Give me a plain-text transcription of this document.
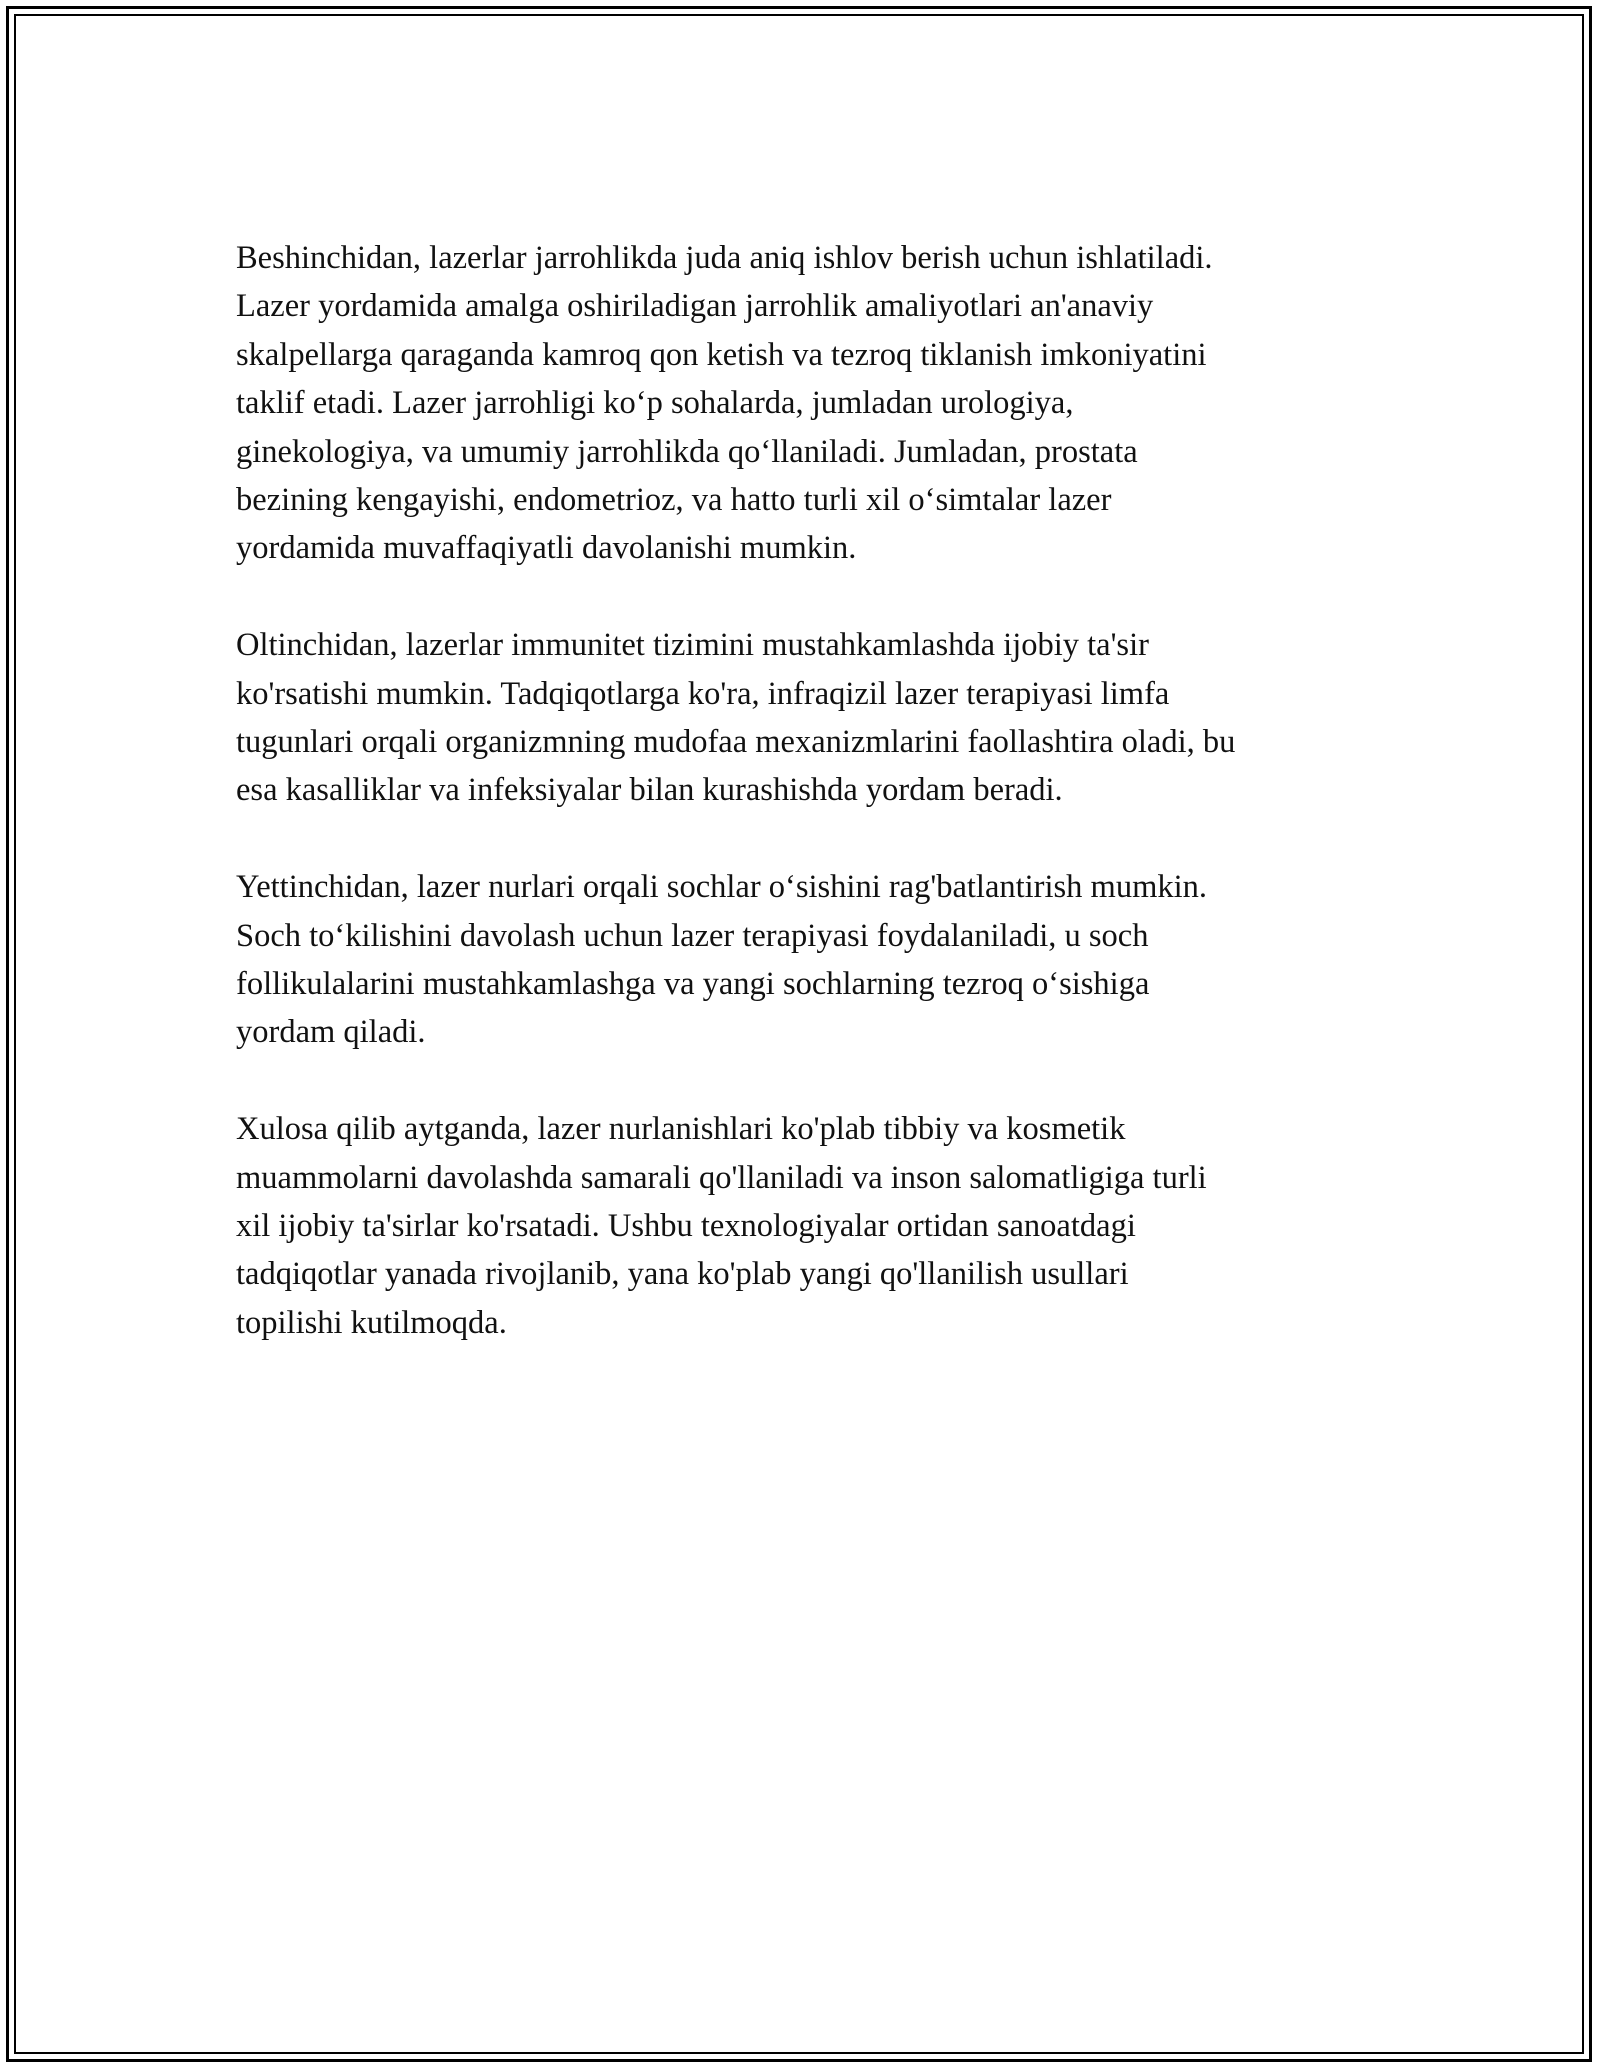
Beshinchidan, lazerlar jarrohlikda juda aniq ishlov berish uchun ishlatiladi.
Lazer yordamida amalga oshiriladigan jarrohlik amaliyotlari an'anaviy
skalpellarga qaraganda kamroq qon ketish va tezroq tiklanish imkoniyatini
taklif etadi. Lazer jarrohligi ko‘p sohalarda, jumladan urologiya,
ginekologiya, va umumiy jarrohlikda qo‘llaniladi. Jumladan, prostata
bezining kengayishi, endometrioz, va hatto turli xil o‘simtalar lazer
yordamida muvaffaqiyatli davolanishi mumkin.

Oltinchidan, lazerlar immunitet tizimini mustahkamlashda ijobiy ta'sir
ko'rsatishi mumkin. Tadqiqotlarga ko'ra, infraqizil lazer terapiyasi limfa
tugunlari orqali organizmning mudofaa mexanizmlarini faollashtira oladi, bu
esa kasalliklar va infeksiyalar bilan kurashishda yordam beradi.

Yettinchidan, lazer nurlari orqali sochlar o‘sishini rag'batlantirish mumkin.
Soch to‘kilishini davolash uchun lazer terapiyasi foydalaniladi, u soch
follikulalarini mustahkamlashga va yangi sochlarning tezroq o‘sishiga
yordam qiladi.

Xulosa qilib aytganda, lazer nurlanishlari ko'plab tibbiy va kosmetik
muammolarni davolashda samarali qo'llaniladi va inson salomatligiga turli
xil ijobiy ta'sirlar ko'rsatadi. Ushbu texnologiyalar ortidan sanoatdagi
tadqiqotlar yanada rivojlanib, yana ko'plab yangi qo'llanilish usullari
topilishi kutilmoqda.
